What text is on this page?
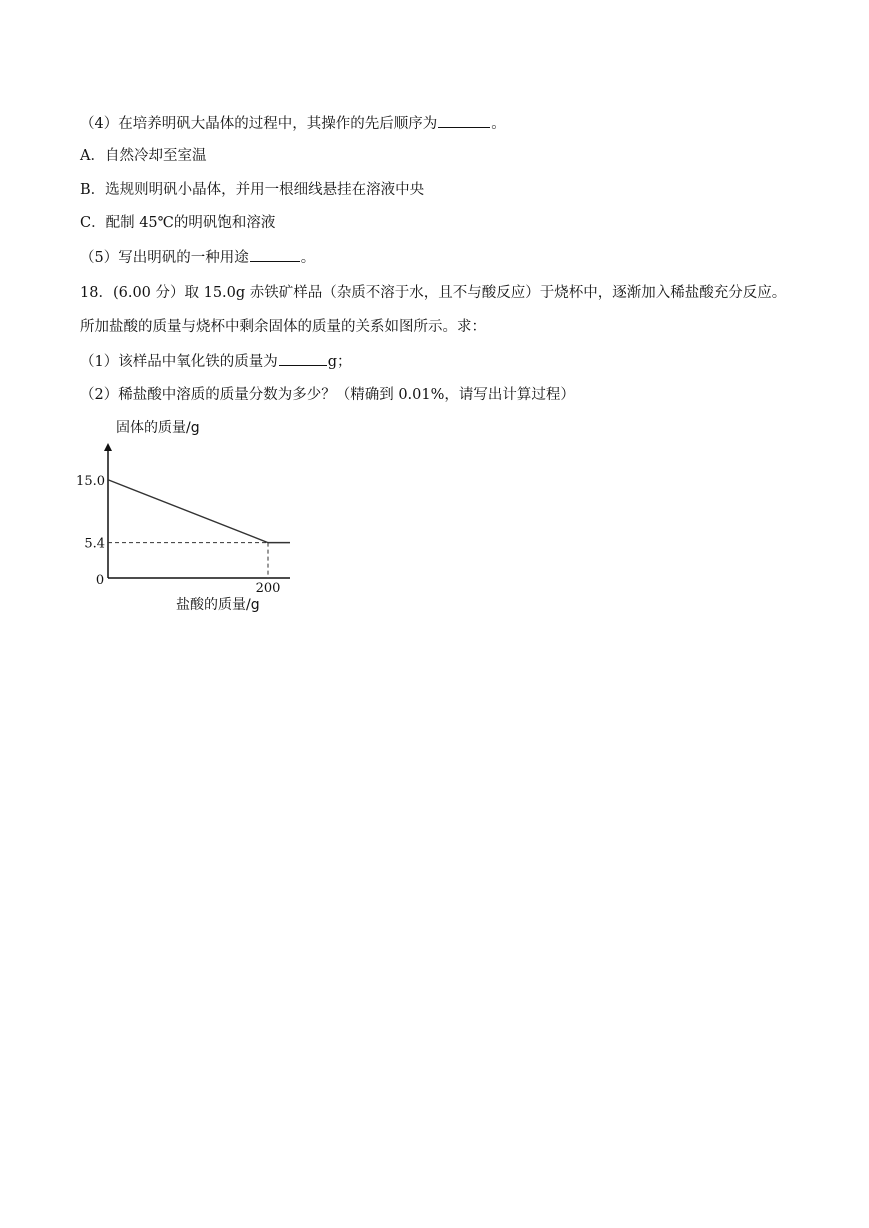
（4）在培养明矾大晶体的过程中，其操作的先后顺序为	。
A．自然冷却至室温
B．选规则明矾小晶体，并用一根细线悬挂在溶液中央
C．配制 45℃的明矾饱和溶液
（5）写出明矾的一种用途	。
18．(6.00 分）取 15.0g 赤铁矿样品（杂质不溶于水，且不与酸反应）于烧杯中，逐渐加入稀盐酸充分反应。
所加盐酸的质量与烧杯中剩余固体的质量的关系如图所示。求：
（1）该样品中氧化铁的质量为	g；
（2）稀盐酸中溶质的质量分数为多少？（精确到 0.01%，请写出计算过程）
固体的质量/g
盐酸的质量/g
15.0
5.4
0
200
